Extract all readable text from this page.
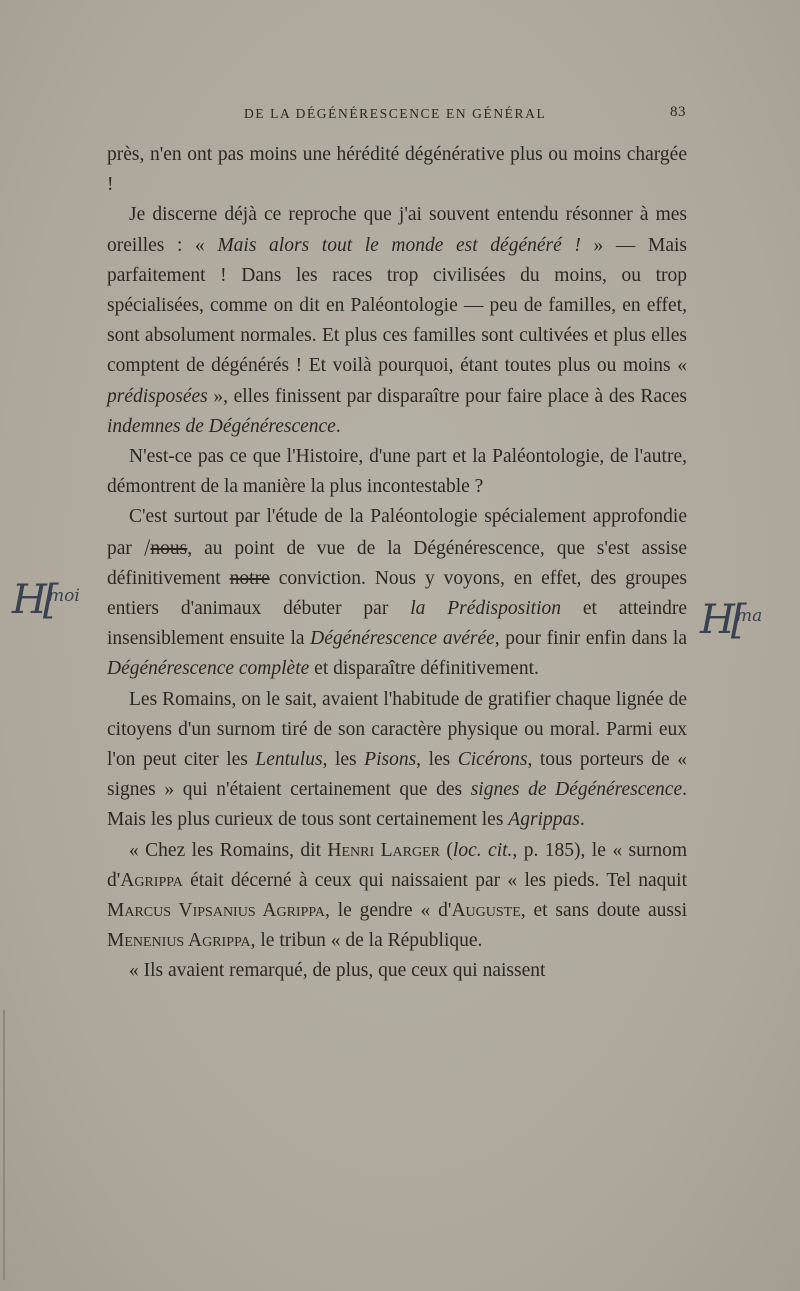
DE LA DÉGÉNÉRESCENCE EN GÉNÉRAL	83

près, n'en ont pas moins une hérédité dégénérative plus ou moins chargée !

Je discerne déjà ce reproche que j'ai souvent entendu résonner à mes oreilles : « Mais alors tout le monde est dégénéré ! » — Mais parfaitement ! Dans les races trop civilisées du moins, ou trop spécialisées, comme on dit en Paléontologie — peu de familles, en effet, sont absolument normales. Et plus ces familles sont cultivées et plus elles comptent de dégénérés ! Et voilà pourquoi, étant toutes plus ou moins « prédisposées », elles finissent par disparaître pour faire place à des Races indemnes de Dégénérescence.

N'est-ce pas ce que l'Histoire, d'une part et la Paléontologie, de l'autre, démontrent de la manière la plus incontestable ?

C'est surtout par l'étude de la Paléontologie spécialement approfondie par /nous, au point de vue de la Dégénérescence, que s'est assise définitivement notre conviction. Nous y voyons, en effet, des groupes entiers d'animaux débuter par la Prédisposition et atteindre insensiblement ensuite la Dégénérescence avérée, pour finir enfin dans la Dégénérescence complète et disparaître définitivement.

Les Romains, on le sait, avaient l'habitude de gratifier chaque lignée de citoyens d'un surnom tiré de son caractère physique ou moral. Parmi eux l'on peut citer les Lentulus, les Pisons, les Cicérons, tous porteurs de « signes » qui n'étaient certainement que des signes de Dégénérescence. Mais les plus curieux de tous sont certainement les Agrippas.

« Chez les Romains, dit Henri Larger (loc. cit., p. 185), le « surnom d'Agrippa était décerné à ceux qui naissaient par « les pieds. Tel naquit Marcus Vipsanius Agrippa, le gendre « d'Auguste, et sans doute aussi Menenius Agrippa, le tribun « de la République.

« Ils avaient remarqué, de plus, que ceux qui naissent

H[
moi
H[
ma
